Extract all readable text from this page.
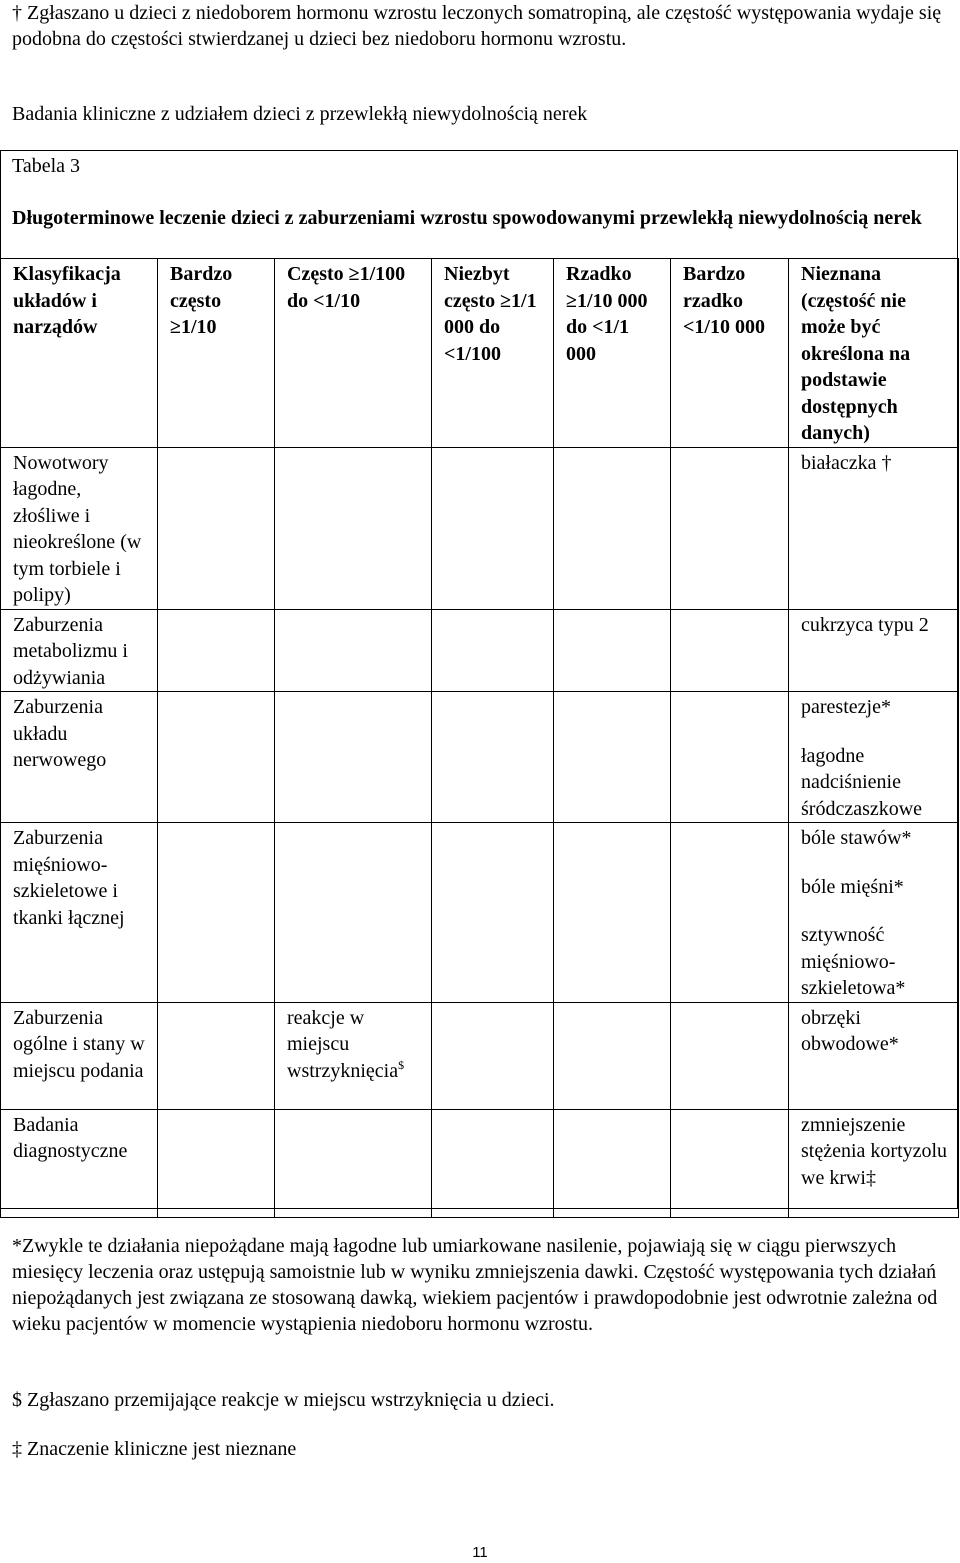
† Zgłaszano u dzieci z niedoborem hormonu wzrostu leczonych somatropiną, ale częstość występowania wydaje się podobna do częstości stwierdzanej u dzieci bez niedoboru hormonu wzrostu.

Badania kliniczne z udziałem dzieci z przewlekłą niewydolnością nerek

Tabela 3

Długoterminowe leczenie dzieci z zaburzeniami wzrostu spowodowanymi przewlekłą niewydolnością nerek

Klasyfikacja układów i narządów	Bardzo często ≥1/10	Często ≥1/100 do <1/10	Niezbyt często ≥1/1 000 do <1/100	Rzadko ≥1/10 000 do <1/1 000	Bardzo rzadko <1/10 000	Nieznana (częstość nie może być określona na podstawie dostępnych danych)
Nowotwory łagodne, złośliwe i nieokreślone (w tym torbiele i polipy)						białaczka †

Zaburzenia metabolizmu i odżywiania						cukrzyca typu 2

Zaburzenia układu nerwowego						parestezje*
łagodne nadciśnienie śródczaszkowe

Zaburzenia mięśniowo-szkieletowe i tkanki łącznej						bóle stawów*
bóle mięśni*
sztywność mięśniowo-szkieletowa*

Zaburzenia ogólne i stany w miejscu podania		reakcje w miejscu wstrzyknięcia$				obrzęki obwodowe*

Badania diagnostyczne						zmniejszenie stężenia kortyzolu we krwi‡

*Zwykle te działania niepożądane mają łagodne lub umiarkowane nasilenie, pojawiają się w ciągu pierwszych miesięcy leczenia oraz ustępują samoistnie lub w wyniku zmniejszenia dawki. Częstość występowania tych działań niepożądanych jest związana ze stosowaną dawką, wiekiem pacjentów i prawdopodobnie jest odwrotnie zależna od wieku pacjentów w momencie wystąpienia niedoboru hormonu wzrostu.

$ Zgłaszano przemijające reakcje w miejscu wstrzyknięcia u dzieci.

‡ Znaczenie kliniczne jest nieznane

11
